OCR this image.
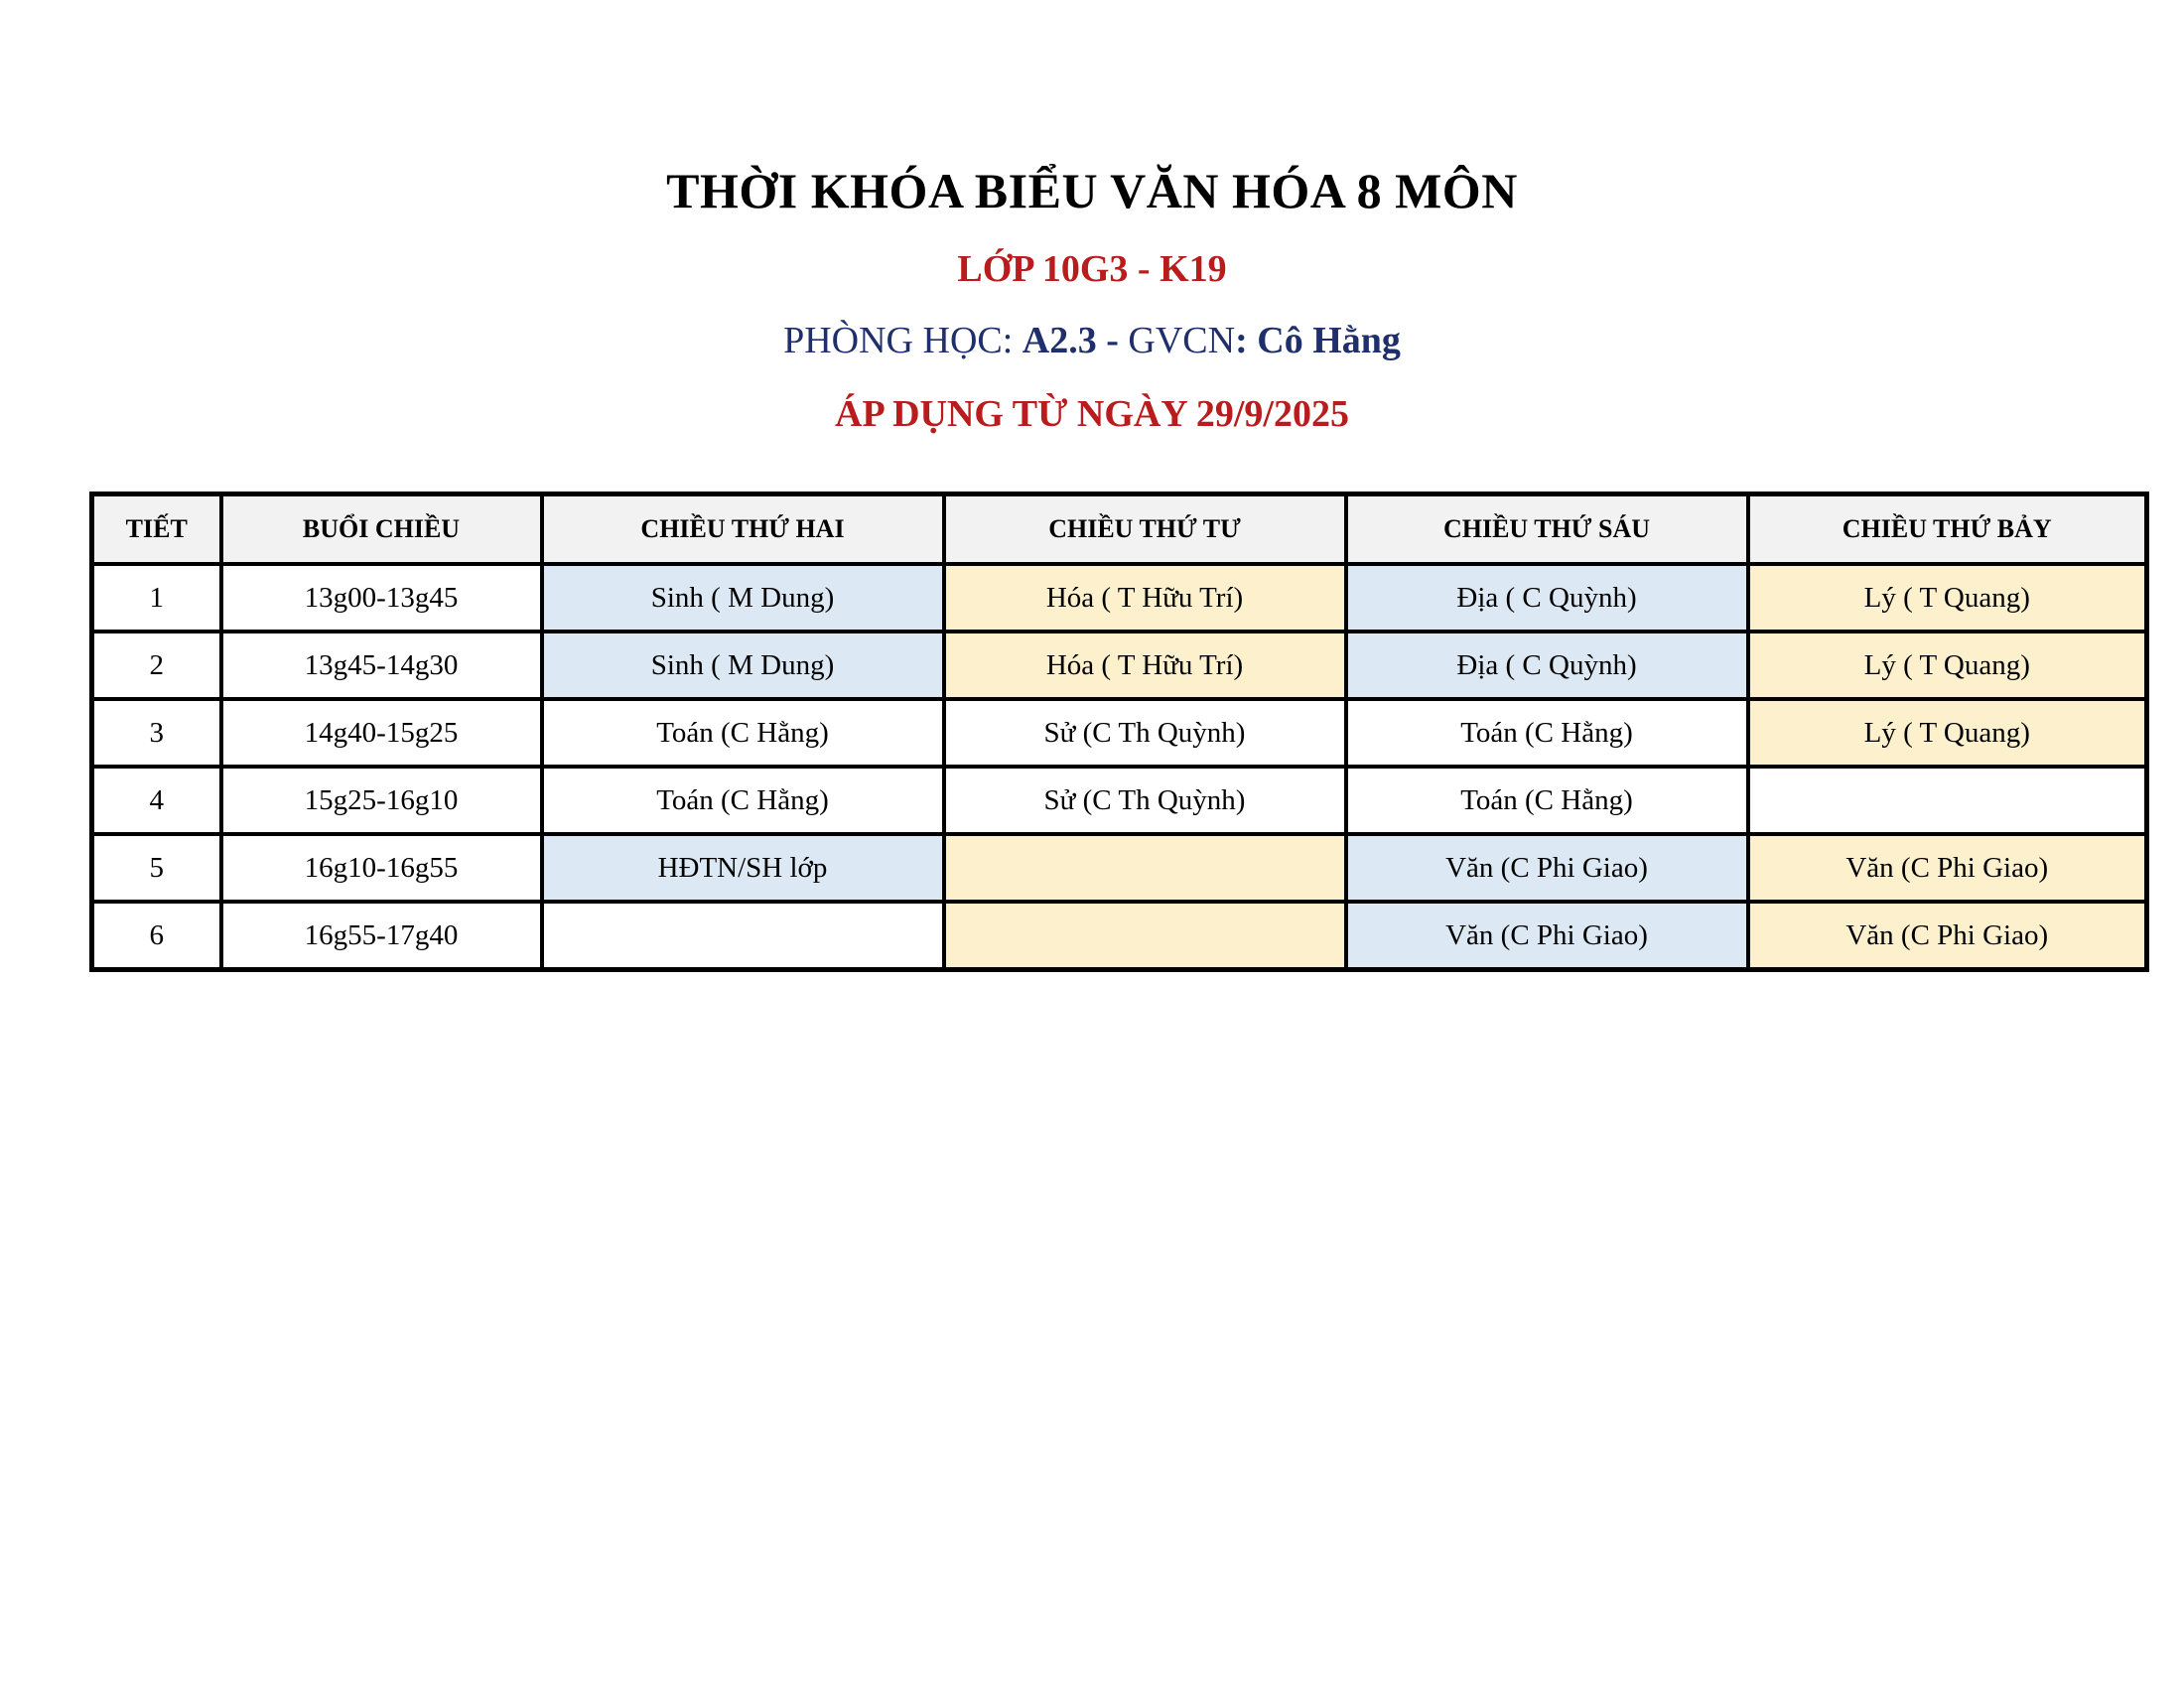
THỜI KHÓA BIỂU VĂN HÓA 8 MÔN
LỚP 10G3 - K19
PHÒNG HỌC: A2.3 - GVCN: Cô Hằng
ÁP DỤNG TỪ NGÀY 29/9/2025
TIẾT	BUỔI CHIỀU	CHIỀU THỨ HAI	CHIỀU THỨ TƯ	CHIỀU THỨ SÁU	CHIỀU THỨ BẢY
1	13g00-13g45	Sinh ( M Dung)	Hóa ( T Hữu Trí)	Địa ( C Quỳnh)	Lý ( T Quang)
2	13g45-14g30	Sinh ( M Dung)	Hóa ( T Hữu Trí)	Địa ( C Quỳnh)	Lý ( T Quang)
3	14g40-15g25	Toán (C Hằng)	Sử (C Th Quỳnh)	Toán (C Hằng)	Lý ( T Quang)
4	15g25-16g10	Toán (C Hằng)	Sử (C Th Quỳnh)	Toán (C Hằng)	
5	16g10-16g55	HĐTN/SH lớp		Văn (C Phi Giao)	Văn (C Phi Giao)
6	16g55-17g40			Văn (C Phi Giao)	Văn (C Phi Giao)
